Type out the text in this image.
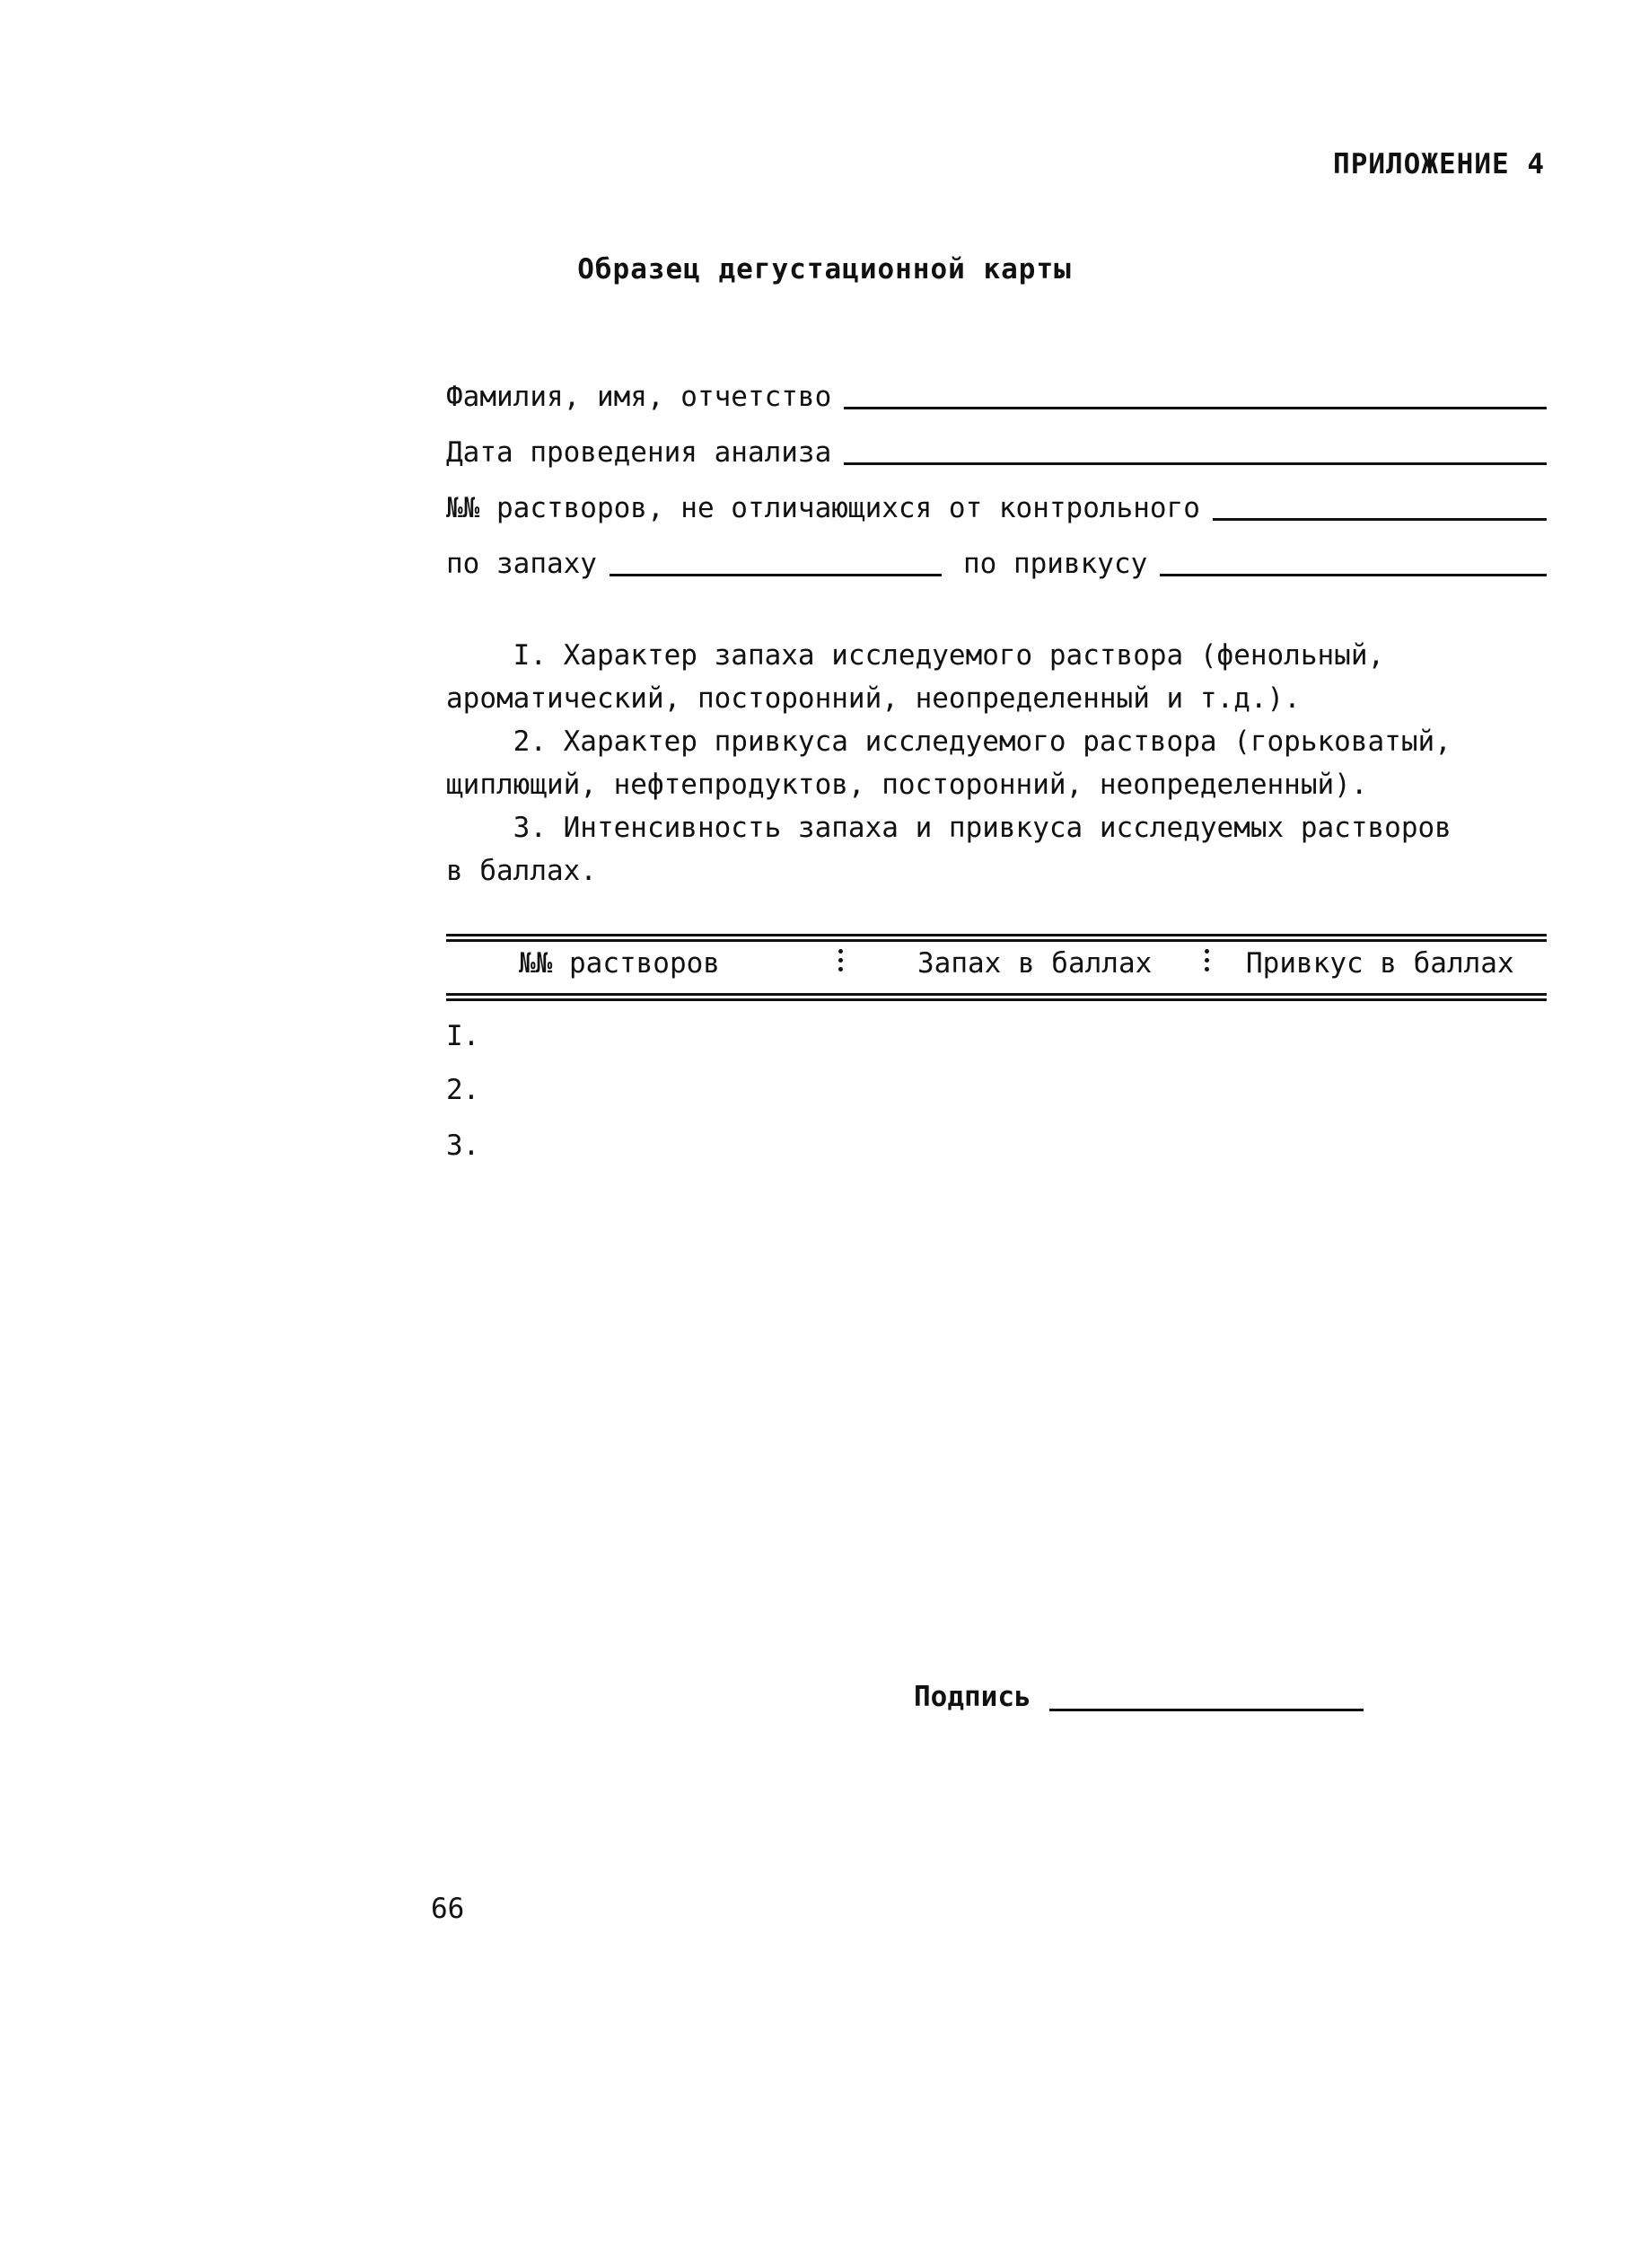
ПРИЛОЖЕНИЕ 4
Образец дегустационной карты
Фамилия, имя, отчетство
Дата проведения анализа
№№ растворов, не отличающихся от контрольного
по запаху	по привкусу
I. Характер запаха исследуемого раствора (фенольный,
ароматический, посторонний, неопределенный и т.д.).
2. Характер привкуса исследуемого раствора (горьковатый,
щиплющий, нефтепродуктов, посторонний, неопределенный).
3. Интенсивность запаха и привкуса исследуемых растворов
в баллах.
№№ растворов	Запах в баллах	Привкус в баллах
I.
2.
3.
Подпись
66
